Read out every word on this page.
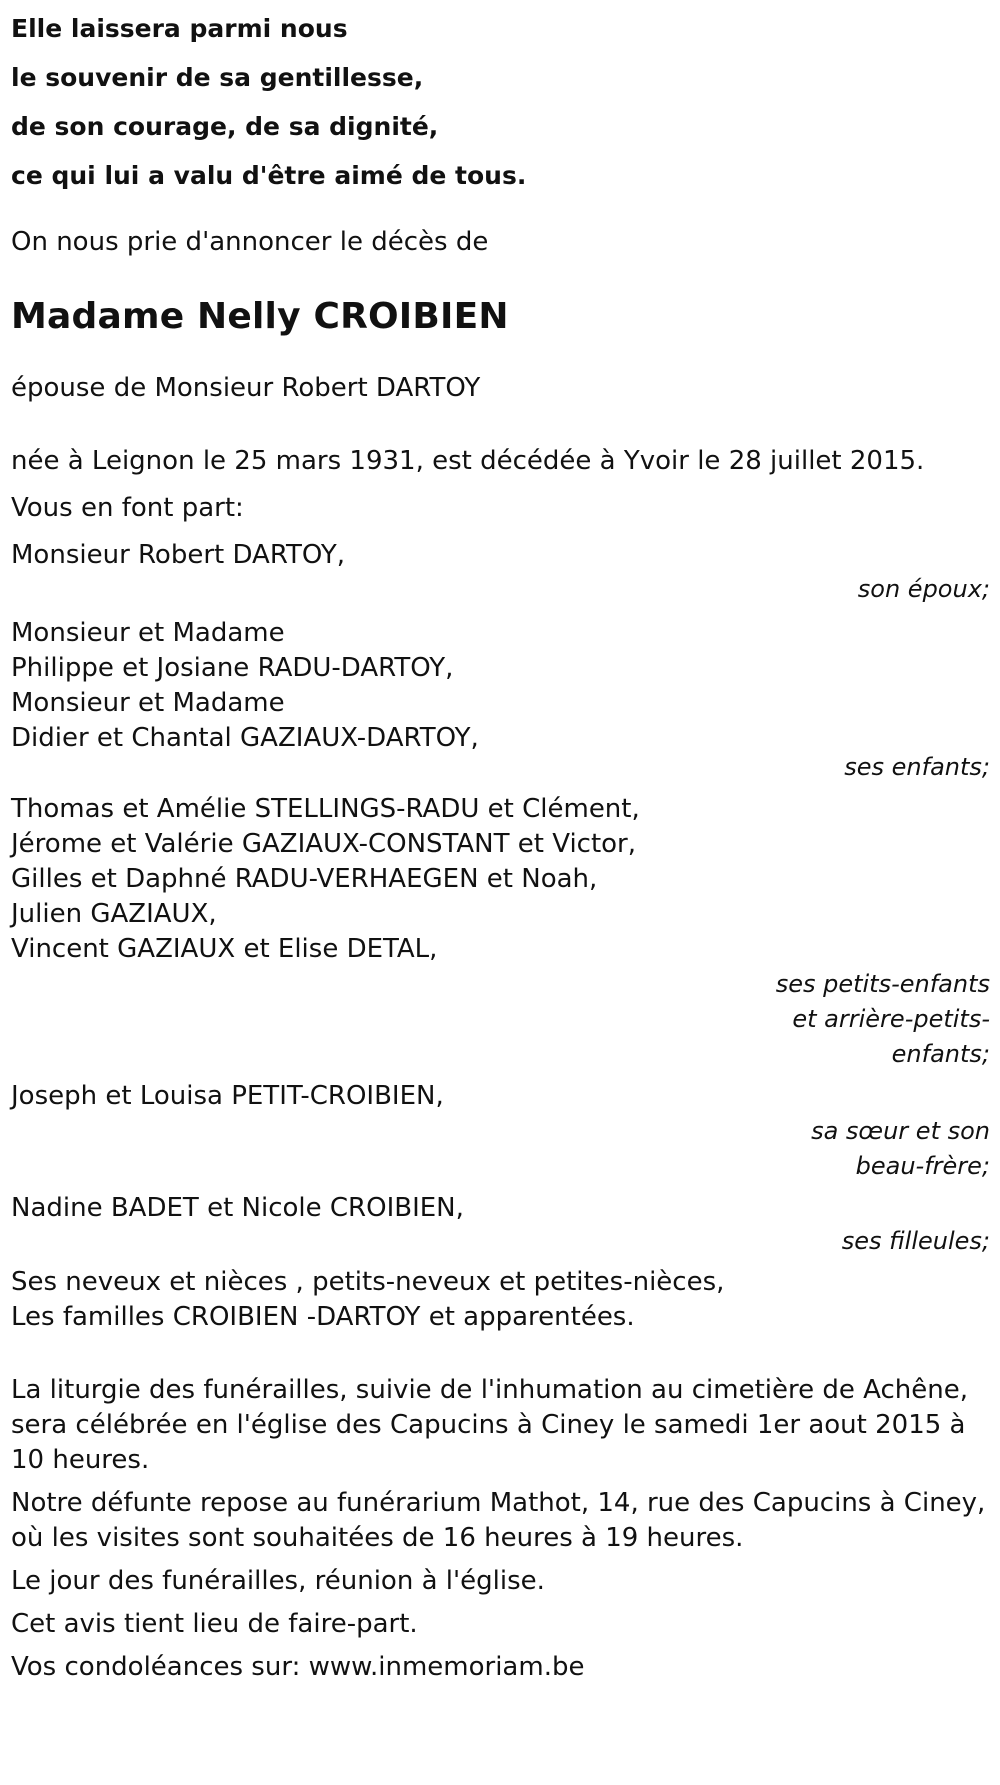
Elle laissera parmi nous
le souvenir de sa gentillesse,
de son courage, de sa dignité,
ce qui lui a valu d'être aimé de tous.
On nous prie d'annoncer le décès de
Madame Nelly CROIBIEN
épouse de Monsieur Robert DARTOY
née à Leignon le 25 mars 1931, est décédée à Yvoir le 28 juillet 2015.
Vous en font part:
Monsieur Robert DARTOY,
son époux;
Monsieur et Madame
Philippe et Josiane RADU-DARTOY,
Monsieur et Madame
Didier et Chantal GAZIAUX-DARTOY,
ses enfants;
Thomas et Amélie STELLINGS-RADU et Clément,
Jérome et Valérie GAZIAUX-CONSTANT et Victor,
Gilles et Daphné RADU-VERHAEGEN et Noah,
Julien GAZIAUX,
Vincent GAZIAUX et Elise DETAL,
ses petits-enfants
et arrière-petits-
enfants;
Joseph et Louisa PETIT-CROIBIEN,
sa sœur et son
beau-frère;
Nadine BADET et Nicole CROIBIEN,
ses filleules;
Ses neveux et nièces , petits-neveux et petites-nièces,
Les familles CROIBIEN -DARTOY et apparentées.
La liturgie des funérailles, suivie de l'inhumation au cimetière de Achêne, sera célébrée en l'église des Capucins à Ciney le samedi 1er aout 2015 à 10 heures.
Notre défunte repose au funérarium Mathot, 14, rue des Capucins à Ciney, où les visites sont souhaitées de 16 heures à 19 heures.
Le jour des funérailles, réunion à l'église.
Cet avis tient lieu de faire-part.
Vos condoléances sur: www.inmemoriam.be
